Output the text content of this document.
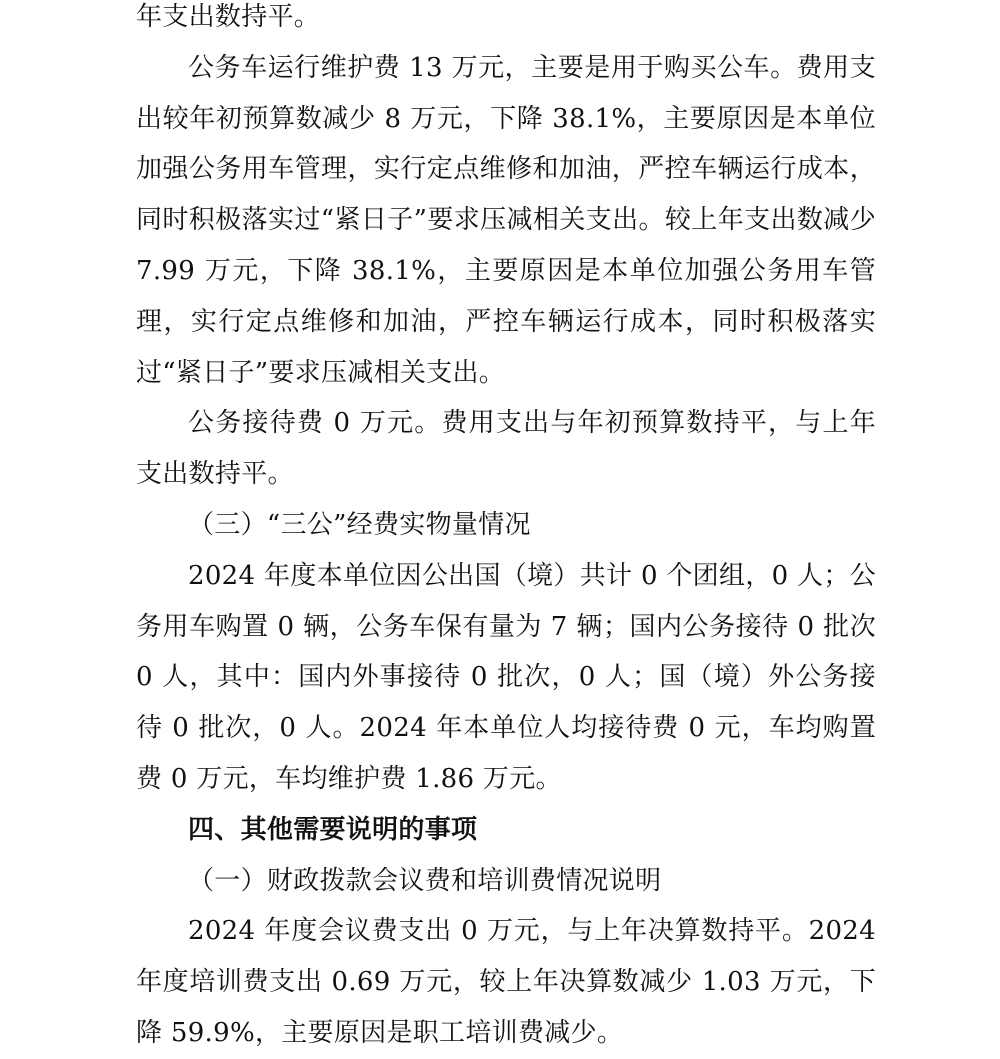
年支出数持平。

公务车运行维护费 13 万元，主要是用于购买公车。费用支出较年初预算数减少 8 万元，下降 38.1%，主要原因是本单位加强公务用车管理，实行定点维修和加油，严控车辆运行成本，同时积极落实过“紧日子”要求压减相关支出。较上年支出数减少 7.99 万元，下降 38.1%，主要原因是本单位加强公务用车管理，实行定点维修和加油，严控车辆运行成本，同时积极落实过“紧日子”要求压减相关支出。

公务接待费 0 万元。费用支出与年初预算数持平，与上年支出数持平。

（三）“三公”经费实物量情况

2024 年度本单位因公出国（境）共计 0 个团组，0 人；公务用车购置 0 辆，公务车保有量为 7 辆；国内公务接待 0 批次 0 人，其中：国内外事接待 0 批次，0 人；国（境）外公务接待 0 批次，0 人。2024 年本单位人均接待费 0 元，车均购置费 0 万元，车均维护费 1.86 万元。

四、其他需要说明的事项

（一）财政拨款会议费和培训费情况说明

2024 年度会议费支出 0 万元，与上年决算数持平。2024 年度培训费支出 0.69 万元，较上年决算数减少 1.03 万元，下降 59.9%，主要原因是职工培训费减少。
